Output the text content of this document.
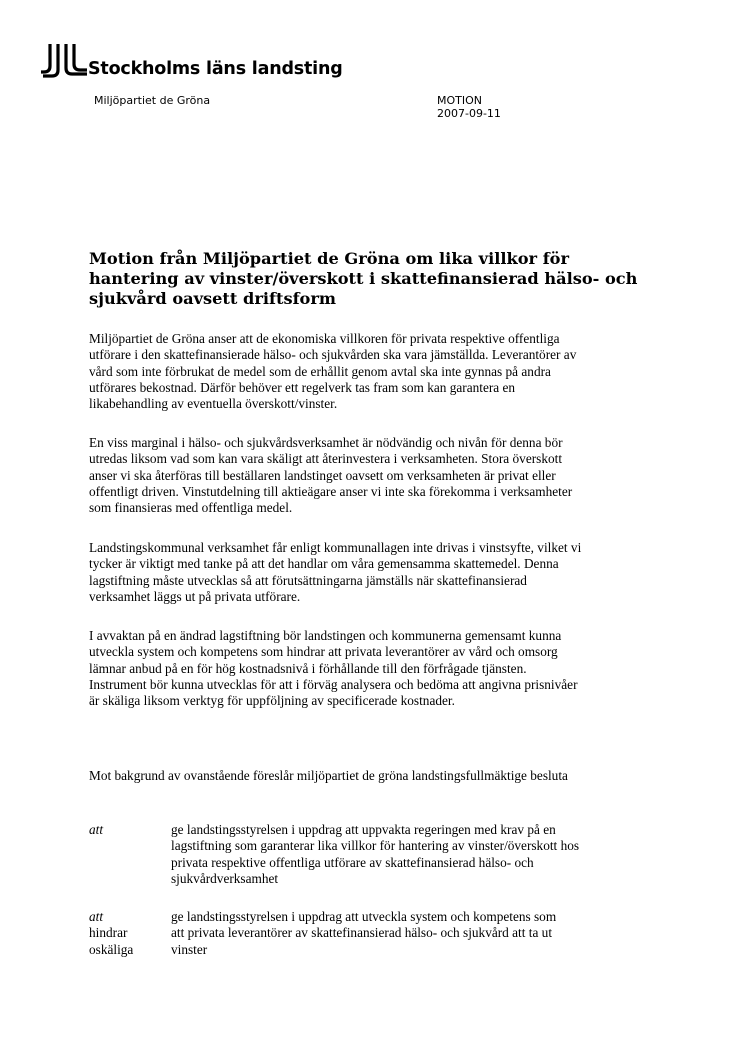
Stockholms läns landsting
Miljöpartiet de Gröna	MOTION
2007-09-11
Motion från Miljöpartiet de Gröna om lika villkor för
hantering av vinster/överskott i skattefinansierad hälso- och
sjukvård oavsett driftsform
Miljöpartiet de Gröna anser att de ekonomiska villkoren för privata respektive offentliga
utförare i den skattefinansierade hälso- och sjukvården ska vara jämställda. Leverantörer av
vård som inte förbrukat de medel som de erhållit genom avtal ska inte gynnas på andra
utförares bekostnad. Därför behöver ett regelverk tas fram som kan garantera en
likabehandling av eventuella överskott/vinster.
En viss marginal i hälso- och sjukvårdsverksamhet är nödvändig och nivån för denna bör
utredas liksom vad som kan vara skäligt att återinvestera i verksamheten. Stora överskott
anser vi ska återföras till beställaren landstinget oavsett om verksamheten är privat eller
offentligt driven. Vinstutdelning till aktieägare anser vi inte ska förekomma i verksamheter
som finansieras med offentliga medel.
Landstingskommunal verksamhet får enligt kommunallagen inte drivas i vinstsyfte, vilket vi
tycker är viktigt med tanke på att det handlar om våra gemensamma skattemedel. Denna
lagstiftning måste utvecklas så att förutsättningarna jämställs när skattefinansierad
verksamhet läggs ut på privata utförare.
I avvaktan på en ändrad lagstiftning bör landstingen och kommunerna gemensamt kunna
utveckla system och kompetens som hindrar att privata leverantörer av vård och omsorg
lämnar anbud på en för hög kostnadsnivå i förhållande till den förfrågade tjänsten.
Instrument bör kunna utvecklas för att i förväg analysera och bedöma att angivna prisnivåer
är skäliga liksom verktyg för uppföljning av specificerade kostnader.
Mot bakgrund av ovanstående föreslår miljöpartiet de gröna landstingsfullmäktige besluta
att	ge landstingsstyrelsen i uppdrag att uppvakta regeringen med krav på en
lagstiftning som garanterar lika villkor för hantering av vinster/överskott hos
privata respektive offentliga utförare av skattefinansierad hälso- och
sjukvårdverksamhet
att
hindrar
oskäliga
ge landstingsstyrelsen i uppdrag att utveckla system och kompetens som
att privata leverantörer av skattefinansierad hälso- och sjukvård att ta ut
vinster
